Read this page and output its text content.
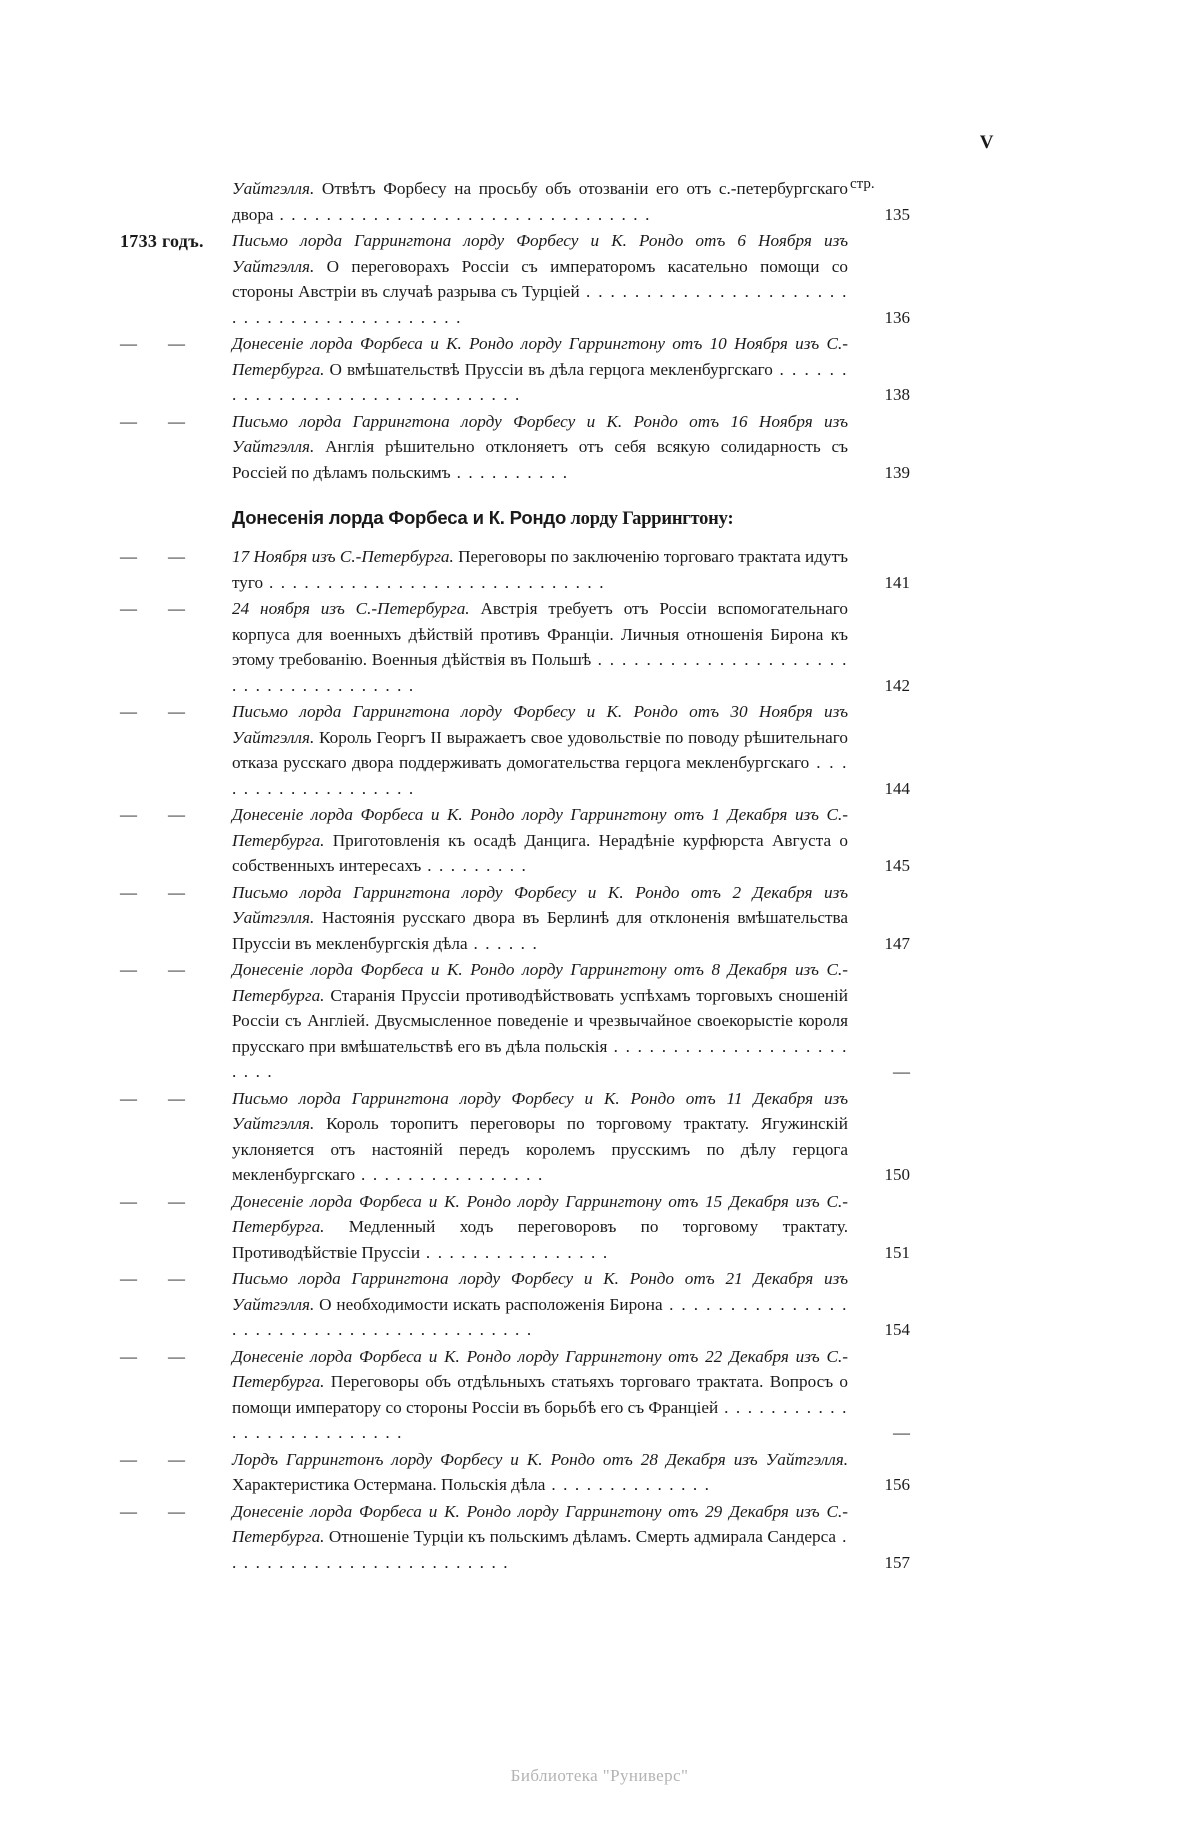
V
стр.
Уайтгэлля. Отвѣтъ Форбесу на просьбу объ отозваніи его отъ с.-петербургскаго двора . . . . . . . . . . . . . . . . . . . . . . . . . . . . . . . .	135
1733 годъ.	Письмо лорда Гаррингтона лорду Форбесу и К. Рондо отъ 6 Ноября изъ Уайтгэлля. О переговорахъ Россіи съ императоромъ касательно помощи со стороны Австріи въ случаѣ разрыва съ Турціей . . . . . . . . . . . . . . . . . . . . . . . . . . . . . . . . . . . . . . . . . .	136
— —	Донесеніе лорда Форбеса и К. Рондо лорду Гаррингтону отъ 10 Ноября изъ С.-Петербурга. О вмѣшательствѣ Пруссіи въ дѣла герцога мекленбургскаго . . . . . . . . . . . . . . . . . . . . . . . . . . . . . . .	138
— —	Письмо лорда Гаррингтона лорду Форбесу и К. Рондо отъ 16 Ноября изъ Уайтгэлля. Англія рѣшительно отклоняетъ отъ себя всякую солидарность съ Россіей по дѣламъ польскимъ . . . . . . . . . .	139
Донесенія лорда Форбеса и К. Рондо лорду Гаррингтону:
— —	17 Ноября изъ С.-Петербурга. Переговоры по заключенію торговаго трактата идутъ туго . . . . . . . . . . . . . . . . . . . . . . . . . . . . .	141
— —	24 ноября изъ С.-Петербурга. Австрія требуетъ отъ Россіи вспомогательнаго корпуса для военныхъ дѣйствій противъ Франціи. Личныя отношенія Бирона къ этому требованію. Военныя дѣйствія въ Польшѣ . . . . . . . . . . . . . . . . . . . . . . . . . . . . . . . . . . . . .	142
— —	Письмо лорда Гаррингтона лорду Форбесу и К. Рондо отъ 30 Ноября изъ Уайтгэлля. Король Георгъ II выражаетъ свое удовольствіе по поводу рѣшительнаго отказа русскаго двора поддерживать домогательства герцога мекленбургскаго . . . . . . . . . . . . . . . . . . .	144
— —	Донесеніе лорда Форбеса и К. Рондо лорду Гаррингтону отъ 1 Декабря изъ С.-Петербурга. Приготовленія къ осадѣ Данцига. Нерадѣніе курфюрста Августа о собственныхъ интересахъ . . . . . . . . .	145
— —	Письмо лорда Гаррингтона лорду Форбесу и К. Рондо отъ 2 Декабря изъ Уайтгэлля. Настоянія русскаго двора въ Берлинѣ для отклоненія вмѣшательства Пруссіи въ мекленбургскія дѣла . . . . . .	147
— —	Донесеніе лорда Форбеса и К. Рондо лорду Гаррингтону отъ 8 Декабря изъ С.-Петербурга. Старанія Пруссіи противодѣйствовать успѣхамъ торговыхъ сношеній Россіи съ Англіей. Двусмысленное поведеніе и чрезвычайное своекорыстіе короля прусскаго при вмѣшательствѣ его въ дѣла польскія . . . . . . . . . . . . . . . . . . . . . . . .	—
— —	Письмо лорда Гаррингтона лорду Форбесу и К. Рондо отъ 11 Декабря изъ Уайтгэлля. Король торопитъ переговоры по торговому трактату. Ягужинскій уклоняется отъ настояній передъ королемъ прусскимъ по дѣлу герцога мекленбургскаго . . . . . . . . . . . . . . . .	150
— —	Донесеніе лорда Форбеса и К. Рондо лорду Гаррингтону отъ 15 Декабря изъ С.-Петербурга. Медленный ходъ переговоровъ по торговому трактату. Противодѣйствіе Пруссіи . . . . . . . . . . . . . . . .	151
— —	Письмо лорда Гаррингтона лорду Форбесу и К. Рондо отъ 21 Декабря изъ Уайтгэлля. О необходимости искать расположенія Бирона . . . . . . . . . . . . . . . . . . . . . . . . . . . . . . . . . . . . . . . . .	154
— —	Донесеніе лорда Форбеса и К. Рондо лорду Гаррингтону отъ 22 Декабря изъ С.-Петербурга. Переговоры объ отдѣльныхъ статьяхъ торговаго трактата. Вопросъ о помощи императору со стороны Россіи въ борьбѣ его съ Франціей . . . . . . . . . . . . . . . . . . . . . . . . . .	—
— —	Лордъ Гаррингтонъ лорду Форбесу и К. Рондо отъ 28 Декабря изъ Уайтгэлля. Характеристика Остермана. Польскія дѣла . . . . . . . . . . . . . .	156
— —	Донесеніе лорда Форбеса и К. Рондо лорду Гаррингтону отъ 29 Декабря изъ С.-Петербурга. Отношеніе Турціи къ польскимъ дѣламъ. Смерть адмирала Сандерса . . . . . . . . . . . . . . . . . . . . . . . . .	157
Библиотека "Руниверс"
